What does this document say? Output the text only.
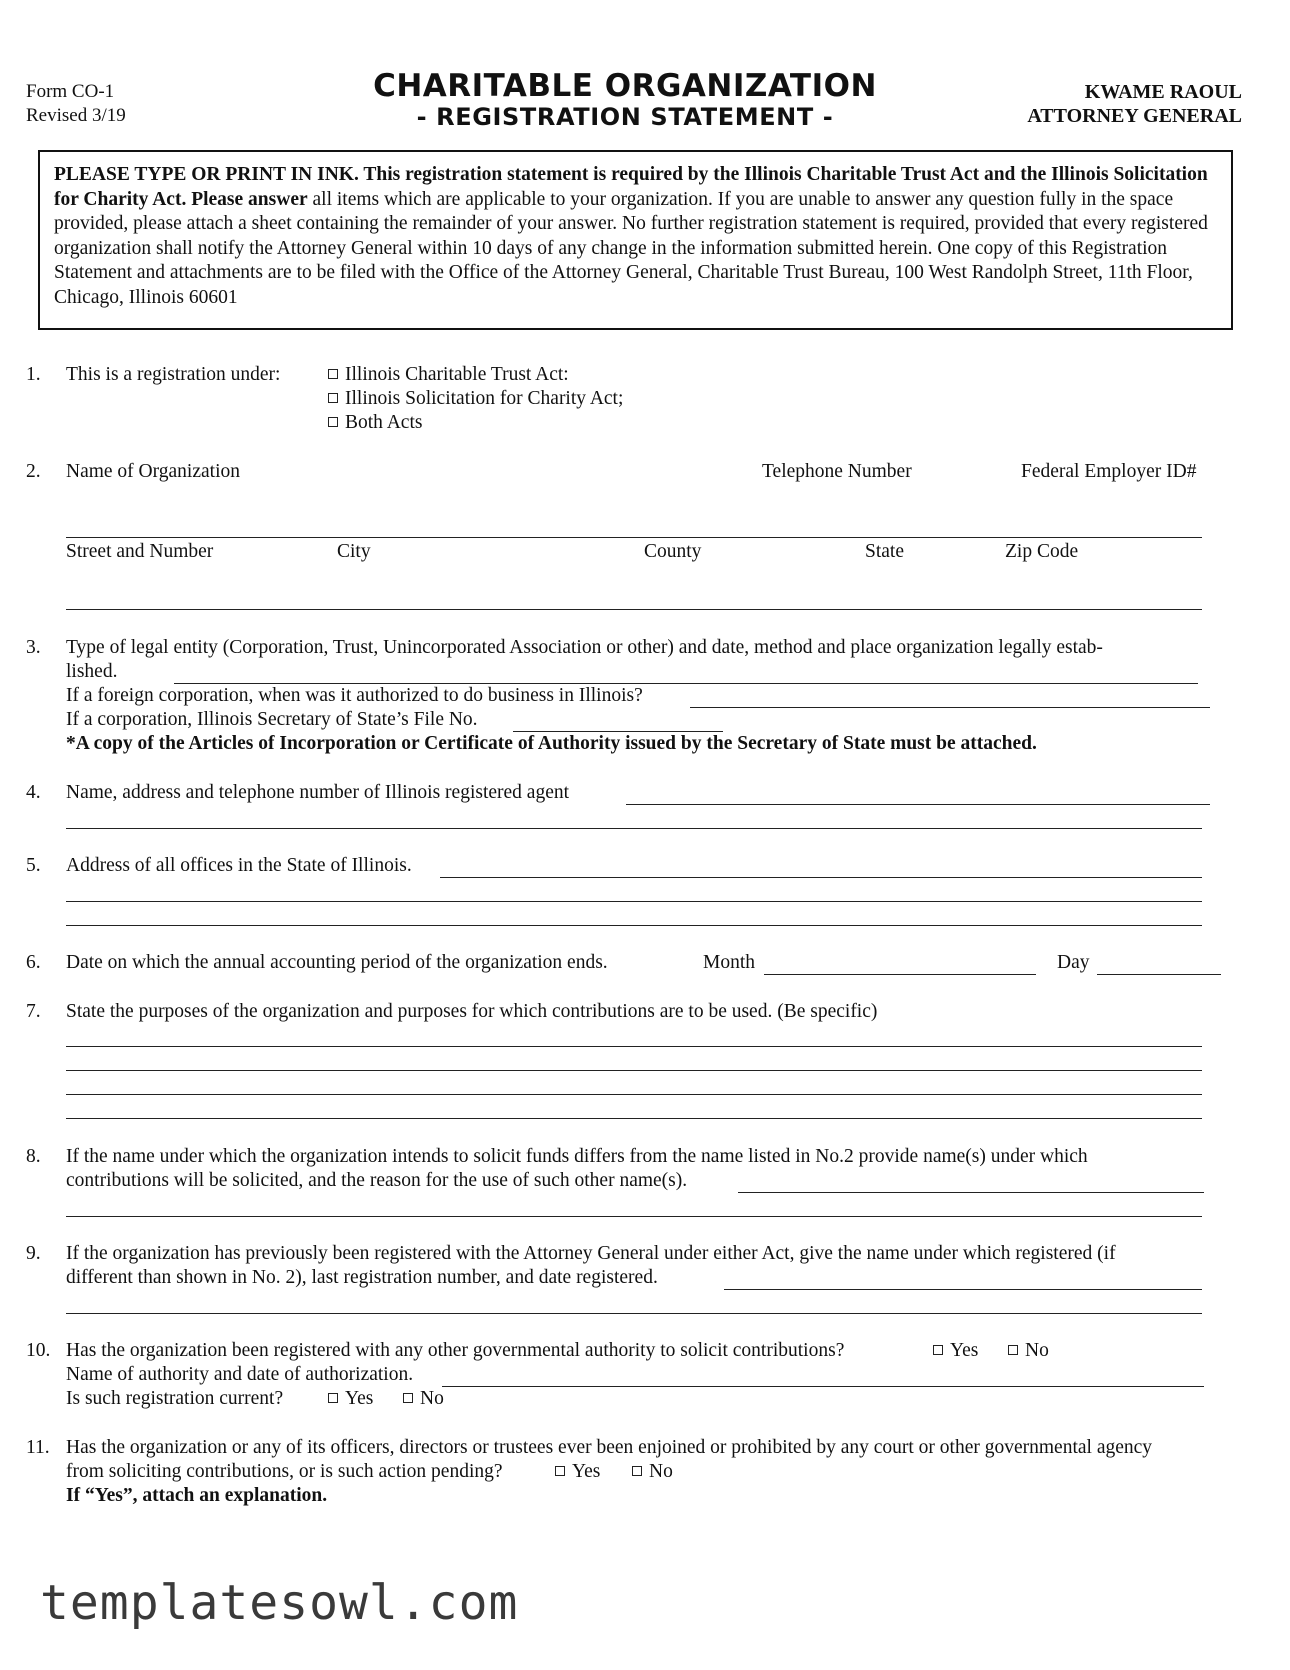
Form CO-1
Revised 3/19
CHARITABLE ORGANIZATION
- REGISTRATION STATEMENT -
KWAME RAOUL
ATTORNEY GENERAL
PLEASE TYPE OR PRINT IN INK. This registration statement is required by the Illinois Charitable Trust Act and the Illinois Solicitation for Charity Act. Please answer all items which are applicable to your organization. If you are unable to answer any question fully in the space provided, please attach a sheet containing the remainder of your answer. No further registration statement is required, provided that every registered organization shall notify the Attorney General within 10 days of any change in the information submitted herein. One copy of this Registration Statement and attachments are to be filed with the Office of the Attorney General, Charitable Trust Bureau, 100 West Randolph Street, 11th Floor, Chicago, Illinois 60601
1. This is a registration under:	Illinois Charitable Trust Act:
Illinois Solicitation for Charity Act;
Both Acts
2. Name of Organization	Telephone Number	Federal Employer ID#
Street and Number	City	County	State	Zip Code
3. Type of legal entity (Corporation, Trust, Unincorporated Association or other) and date, method and place organization legally estab-
lished.
If a foreign corporation, when was it authorized to do business in Illinois?
If a corporation, Illinois Secretary of State’s File No.
*A copy of the Articles of Incorporation or Certificate of Authority issued by the Secretary of State must be attached.
4. Name, address and telephone number of Illinois registered agent
5. Address of all offices in the State of Illinois.
6. Date on which the annual accounting period of the organization ends.	Month	Day
7. State the purposes of the organization and purposes for which contributions are to be used. (Be specific)
8. If the name under which the organization intends to solicit funds differs from the name listed in No.2 provide name(s) under which
contributions will be solicited, and the reason for the use of such other name(s).
9. If the organization has previously been registered with the Attorney General under either Act, give the name under which registered (if
different than shown in No. 2), last registration number, and date registered.
10. Has the organization been registered with any other governmental authority to solicit contributions?	Yes	No
Name of authority and date of authorization.
Is such registration current?	Yes	No
11. Has the organization or any of its officers, directors or trustees ever been enjoined or prohibited by any court or other governmental agency
from soliciting contributions, or is such action pending?	Yes	No
If “Yes”, attach an explanation.
templatesowl.com
